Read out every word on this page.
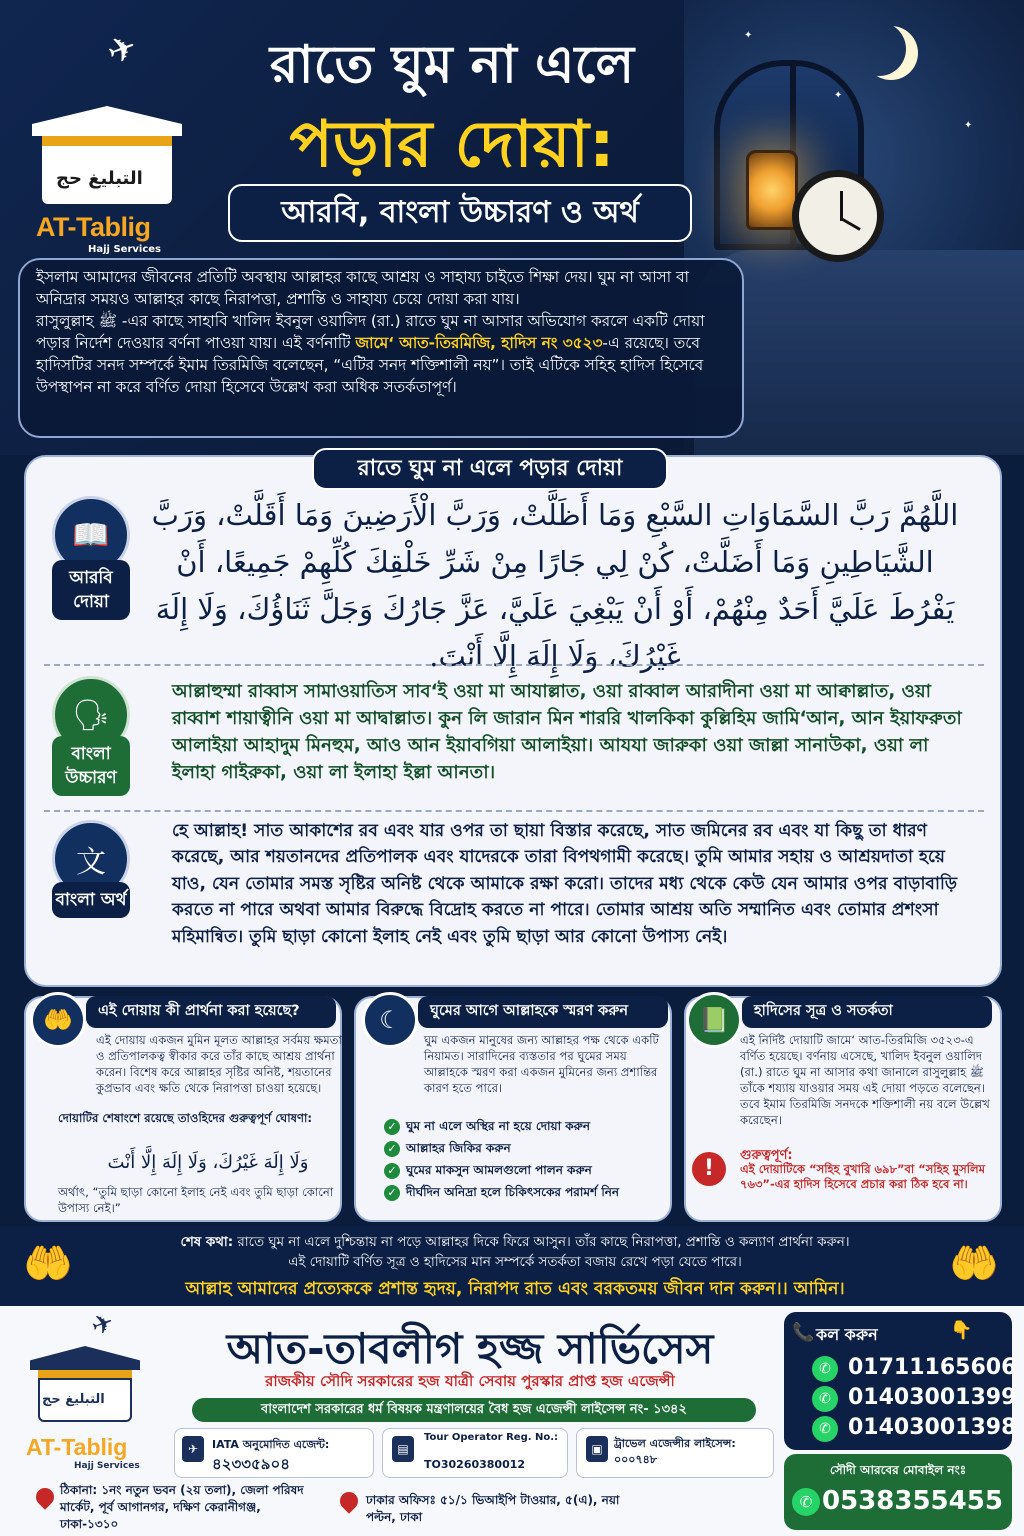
✦
✦
✦
✈
التبليغ حج
AT-Tablig
Hajj Services
রাতে ঘুম না এলে
পড়ার দোয়া:
আরবি, বাংলা উচ্চারণ ও অর্থ

ইসলাম আমাদের জীবনের প্রতিটি অবস্থায় আল্লাহর কাছে আশ্রয় ও সাহায্য চাইতে শিক্ষা দেয়। ঘুম না আসা বা অনিদ্রার সময়ও আল্লাহর কাছে নিরাপত্তা, প্রশান্তি ও সাহায্য চেয়ে দোয়া করা যায়।

রাসুলুল্লাহ ﷺ -এর কাছে সাহাবি খালিদ ইবনুল ওয়ালিদ (রা.) রাতে ঘুম না আসার অভিযোগ করলে একটি দোয়া পড়ার নির্দেশ দেওয়ার বর্ণনা পাওয়া যায়। এই বর্ণনাটি জামে‘ আত-তিরমিজি, হাদিস নং ৩৫২৩-এ রয়েছে। তবে হাদিসটির সনদ সম্পর্কে ইমাম তিরমিজি বলেছেন, “এটির সনদ শক্তিশালী নয়”। তাই এটিকে সহিহ হাদিস হিসেবে উপস্থাপন না করে বর্ণিত দোয়া হিসেবে উল্লেখ করা অধিক সতর্কতাপূর্ণ।

রাতে ঘুম না এলে পড়ার দোয়া
📖
আরবি দোয়া
اللَّهُمَّ رَبَّ السَّمَاوَاتِ السَّبْعِ وَمَا أَظَلَّتْ، وَرَبَّ الْأَرَضِينَ وَمَا أَقَلَّتْ، وَرَبَّ الشَّيَاطِينِ وَمَا أَضَلَّتْ، كُنْ لِي جَارًا مِنْ شَرِّ خَلْقِكَ كُلِّهِمْ جَمِيعًا، أَنْ يَفْرُطَ عَلَيَّ أَحَدٌ مِنْهُمْ، أَوْ أَنْ يَبْغِيَ عَلَيَّ، عَزَّ جَارُكَ وَجَلَّ ثَنَاؤُكَ، وَلَا إِلَهَ غَيْرُكَ، وَلَا إِلَهَ إِلَّا أَنْتَ.
🗣
বাংলা উচ্চারণ
আল্লাহুম্মা রাব্বাস সামাওয়াতিস সাব‘ই ওয়া মা আযাল্লাত, ওয়া রাব্বাল আরাদীনা ওয়া মা আক্বাল্লাত, ওয়া রাব্বাশ শায়াত্বীনি ওয়া মা আদ্বাল্লাত। কুন লি জারান মিন শাররি খালকিকা কুল্লিহিম জামি‘আন, আন ইয়াফরুতা আলাইয়া আহাদুম মিনহুম, আও আন ইয়াবগিয়া আলাইয়া। আযযা জারুকা ওয়া জাল্লা সানাউকা, ওয়া লা ইলাহা গাইরুকা, ওয়া লা ইলাহা ইল্লা আনতা।
文
বাংলা অর্থ
হে আল্লাহ! সাত আকাশের রব এবং যার ওপর তা ছায়া বিস্তার করেছে, সাত জমিনের রব এবং যা কিছু তা ধারণ করেছে, আর শয়তানদের প্রতিপালক এবং যাদেরকে তারা বিপথগামী করেছে। তুমি আমার সহায় ও আশ্রয়দাতা হয়ে যাও, যেন তোমার সমস্ত সৃষ্টির অনিষ্ট থেকে আমাকে রক্ষা করো। তাদের মধ্য থেকে কেউ যেন আমার ওপর বাড়াবাড়ি করতে না পারে অথবা আমার বিরুদ্ধে বিদ্রোহ করতে না পারে। তোমার আশ্রয় অতি সম্মানিত এবং তোমার প্রশংসা মহিমান্বিত। তুমি ছাড়া কোনো ইলাহ নেই এবং তুমি ছাড়া আর কোনো উপাস্য নেই।
এই দোয়ায় কী প্রার্থনা করা হয়েছে?
🤲
এই দোয়ায় একজন মুমিন মূলত আল্লাহর সর্বময় ক্ষমতা ও প্রতিপালকত্ব স্বীকার করে তাঁর কাছে আশ্রয় প্রার্থনা করেন। বিশেষ করে আল্লাহর সৃষ্টির অনিষ্ট, শয়তানের কুপ্রভাব এবং ক্ষতি থেকে নিরাপত্তা চাওয়া হয়েছে।
দোয়াটির শেষাংশে রয়েছে তাওহিদের গুরুত্বপূর্ণ ঘোষণা:
وَلَا إِلَهَ غَيْرُكَ، وَلَا إِلَهَ إِلَّا أَنْتَ
অর্থাৎ, “তুমি ছাড়া কোনো ইলাহ নেই এবং তুমি ছাড়া কোনো উপাস্য নেই।”
ঘুমের আগে আল্লাহকে স্মরণ করুন
☾
ঘুম একজন মানুষের জন্য আল্লাহর পক্ষ থেকে একটি নিয়ামত। সারাদিনের ব্যস্ততার পর ঘুমের সময় আল্লাহকে স্মরণ করা একজন মুমিনের জন্য প্রশান্তির কারণ হতে পারে।
✓ ঘুম না এলে অস্থির না হয়ে দোয়া করুন
✓ আল্লাহর জিকির করুন
✓ ঘুমের মাকসুন আমলগুলো পালন করুন
✓ দীর্ঘদিন অনিদ্রা হলে চিকিৎসকের পরামর্শ নিন
হাদিসের সূত্র ও সতর্কতা
📗
এই নির্দিষ্ট দোয়াটি জামে‘ আত-তিরমিজি ৩৫২৩-এ বর্ণিত হয়েছে। বর্ণনায় এসেছে, খালিদ ইবনুল ওয়ালিদ (রা.) রাতে ঘুম না আসার কথা জানালে রাসুলুল্লাহ ﷺ তাঁকে শয্যায় যাওয়ার সময় এই দোয়া পড়তে বলেছেন। তবে ইমাম তিরমিজি সনদকে শক্তিশালী নয় বলে উল্লেখ করেছেন।
!
গুরুত্বপূর্ণ:
এই দোয়াটিকে “সহিহ বুখারি ৬৯৮”বা “সহিহ মুসলিম ৭৬৩”-এর হাদিস হিসেবে প্রচার করা ঠিক হবে না।
🤲	🤲
শেষ কথা: রাতে ঘুম না এলে দুশ্চিন্তায় না পড়ে আল্লাহর দিকে ফিরে আসুন। তাঁর কাছে নিরাপত্তা, প্রশান্তি ও কল্যাণ প্রার্থনা করুন।
এই দোয়াটি বর্ণিত সূত্র ও হাদিসের মান সম্পর্কে সতর্কতা বজায় রেখে পড়া যেতে পারে।
আল্লাহ আমাদের প্রত্যেককে প্রশান্ত হৃদয়, নিরাপদ রাত এবং বরকতময় জীবন দান করুন।। আমিন।
✈
التبليغ حج
AT-Tablig
Hajj Services
আত-তাবলীগ হজ্জ সার্ভিসেস
রাজকীয় সৌদি সরকারের হজ যাত্রী সেবায় পুরস্কার প্রাপ্ত হজ এজেন্সী
বাংলাদেশ সরকারের ধর্ম বিষয়ক মন্ত্রণালয়ের বৈধ হজ এজেন্সী লাইসেন্স নং- ১৩৪২
✈	IATA অনুমোদিত এজেন্ট:
৪২৩৩৫৯০৪
▤
Tour Operator Reg. No.:
TO30260380012
▣	ট্রাভেল এজেন্সীর লাইসেন্স: ০০০৭৪৮
ঠিকানা: ১নং নতুন ভবন (২য় তলা), জেলা পরিষদ মার্কেট, পূর্ব আগানগর, দক্ষিণ কেরানীগঞ্জ, ঢাকা-১৩১০
ঢাকার অফিসঃ ৫১/১ ভিআইপি টাওয়ার, ৫(এ), নয়া পল্টন, ঢাকা
📞 কল করুন	👇
✆ 01711165606
✆ 01403001399
✆ 01403001398
সৌদী আরবের মোবাইল নংঃ
✆ 0538355455
